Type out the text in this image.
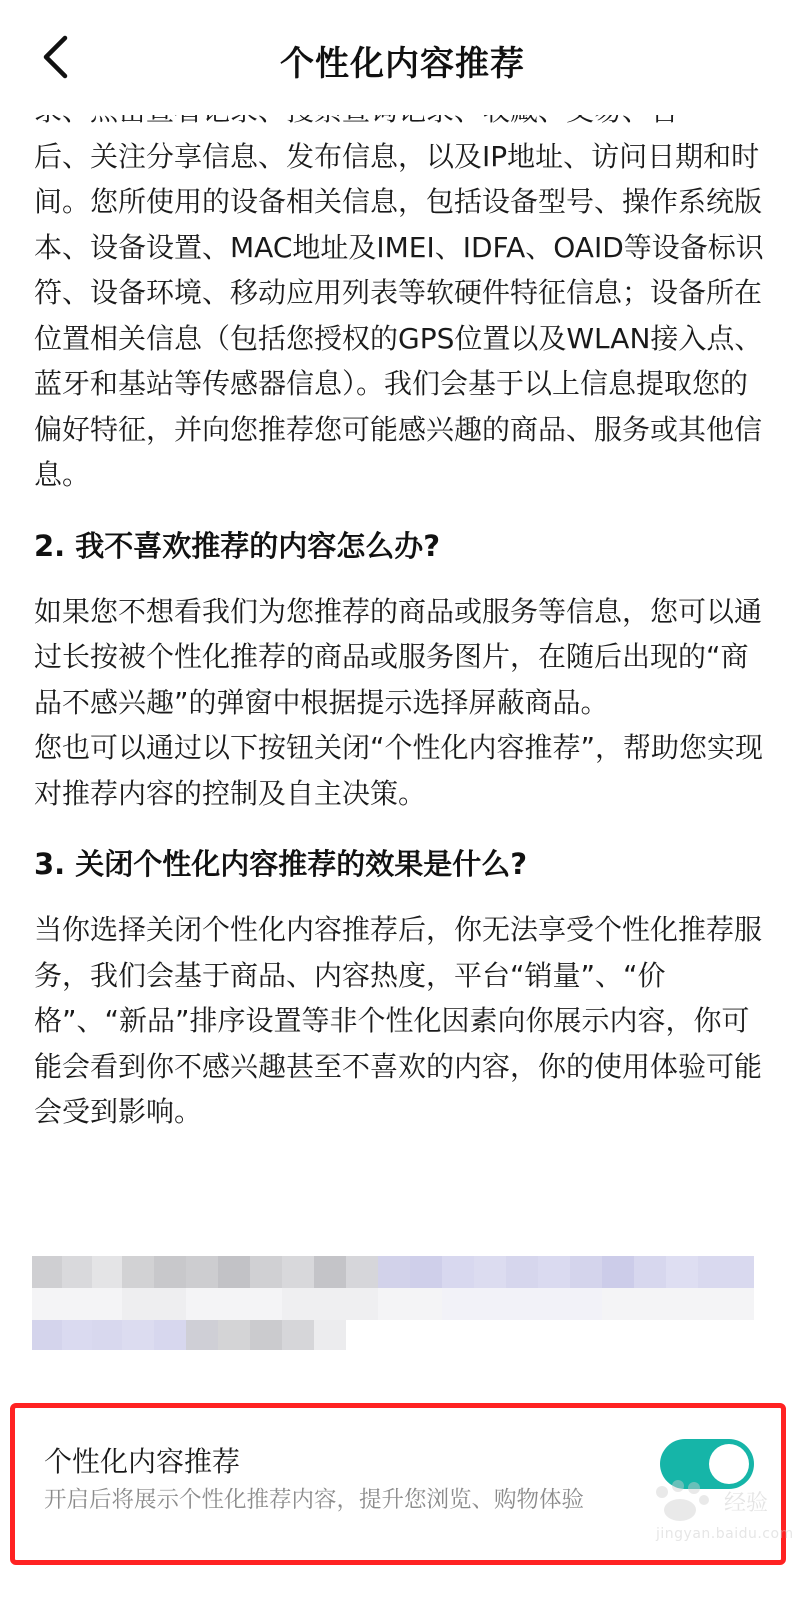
个性化内容推荐

后、关注分享信息、发布信息，以及IP地址、访问日期和时间。您所使用的设备相关信息，包括设备型号、操作系统版本、设备设置、MAC地址及IMEI、IDFA、OAID等设备标识符、设备环境、移动应用列表等软硬件特征信息；设备所在位置相关信息（包括您授权的GPS位置以及WLAN接入点、蓝牙和基站等传感器信息）。我们会基于以上信息提取您的偏好特征，并向您推荐您可能感兴趣的商品、服务或其他信息。

2. 我不喜欢推荐的内容怎么办?

如果您不想看我们为您推荐的商品或服务等信息，您可以通过长按被个性化推荐的商品或服务图片，在随后出现的“商品不感兴趣”的弹窗中根据提示选择屏蔽商品。

您也可以通过以下按钮关闭“个性化内容推荐”，帮助您实现对推荐内容的控制及自主决策。

3. 关闭个性化内容推荐的效果是什么?

当你选择关闭个性化内容推荐后，你无法享受个性化推荐服务，我们会基于商品、内容热度，平台“销量”、“价格”、“新品”排序设置等非个性化因素向你展示内容，你可能会看到你不感兴趣甚至不喜欢的内容，你的使用体验可能会受到影响。

个性化内容推荐
开启后将展示个性化推荐内容，提升您浏览、购物体验	经验
jingyan.baidu.com
